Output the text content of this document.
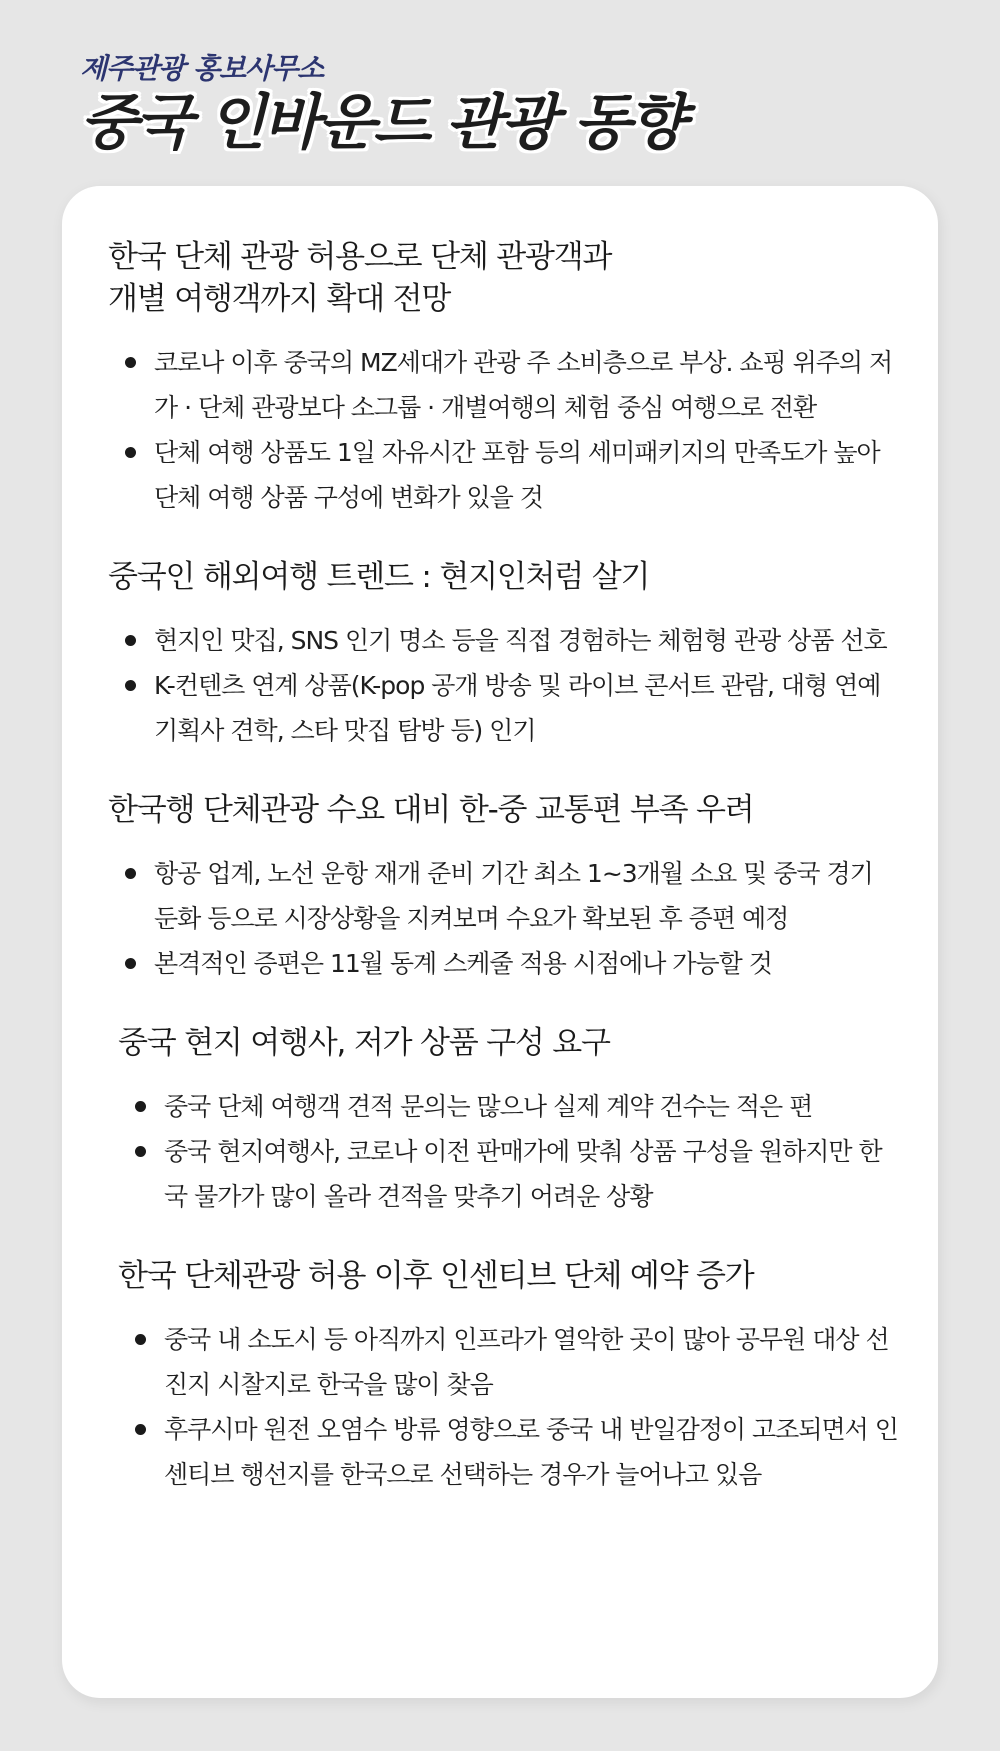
제주관광 홍보사무소
중국 인바운드 관광 동향
한국 단체 관광 허용으로 단체 관광객과
개별 여행객까지 확대 전망
코로나 이후 중국의 MZ세대가 관광 주 소비층으로 부상. 쇼핑 위주의 저가 · 단체 관광보다 소그룹 · 개별여행의 체험 중심 여행으로 전환
단체 여행 상품도 1일 자유시간 포함 등의 세미패키지의 만족도가 높아 단체 여행 상품 구성에 변화가 있을 것
중국인 해외여행 트렌드 : 현지인처럼 살기
현지인 맛집, SNS 인기 명소 등을 직접 경험하는 체험형 관광 상품 선호
K-컨텐츠 연계 상품(K-pop 공개 방송 및 라이브 콘서트 관람, 대형 연예 기획사 견학, 스타 맛집 탐방 등) 인기
한국행 단체관광 수요 대비 한-중 교통편 부족 우려
항공 업계, 노선 운항 재개 준비 기간 최소 1~3개월 소요 및 중국 경기 둔화 등으로 시장상황을 지켜보며 수요가 확보된 후 증편 예정
본격적인 증편은 11월 동계 스케줄 적용 시점에나 가능할 것
중국 현지 여행사, 저가 상품 구성 요구
중국 단체 여행객 견적 문의는 많으나 실제 계약 건수는 적은 편
중국 현지여행사, 코로나 이전 판매가에 맞춰 상품 구성을 원하지만 한국 물가가 많이 올라 견적을 맞추기 어려운 상황
한국 단체관광 허용 이후 인센티브 단체 예약 증가
중국 내 소도시 등 아직까지 인프라가 열악한 곳이 많아 공무원 대상 선진지 시찰지로 한국을 많이 찾음
후쿠시마 원전 오염수 방류 영향으로 중국 내 반일감정이 고조되면서 인센티브 행선지를 한국으로 선택하는 경우가 늘어나고 있음
